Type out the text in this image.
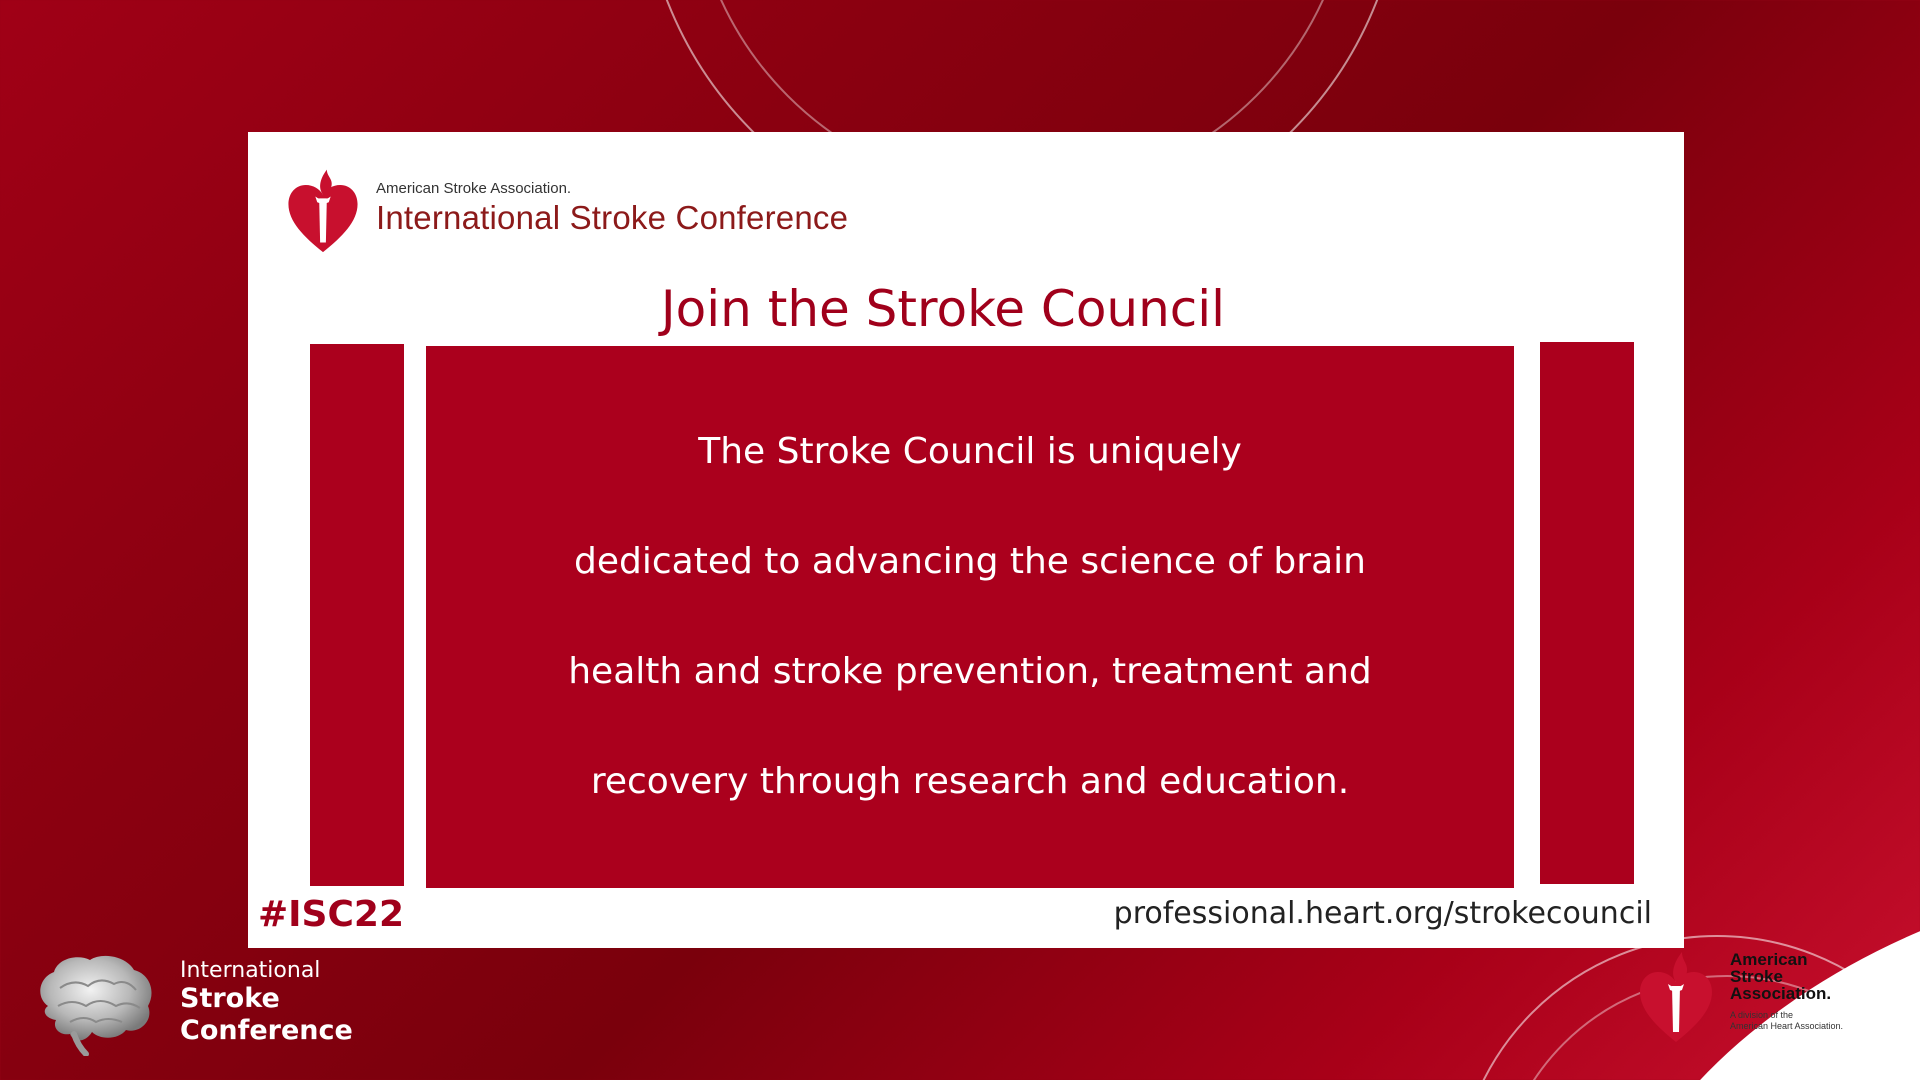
American Stroke Association.
International Stroke Conference
Join the Stroke Council
The Stroke Council is uniquely
dedicated to advancing the science of brain
health and stroke prevention, treatment and
recovery through research and education.
#ISC22	professional.heart.org/strokecouncil
International
Stroke
Conference
American
Stroke
Association.
A division of the
American Heart Association.
